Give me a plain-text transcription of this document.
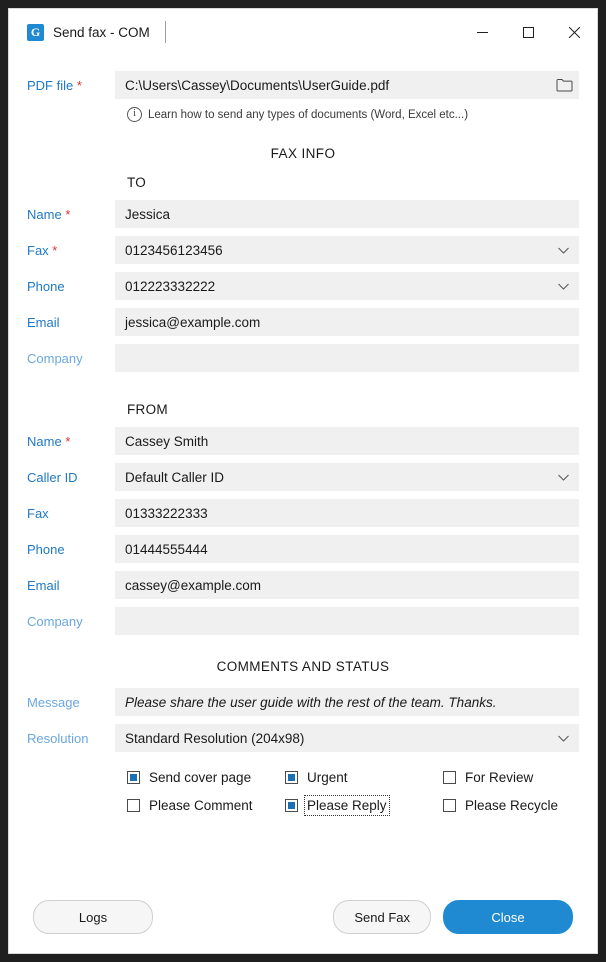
G Send fax - COM
PDF file *	C:\Users\Cassey\Documents\UserGuide.pdf
i	Learn how to send any types of documents (Word, Excel etc...)
FAX INFO
TO
Name *	Jessica
Fax *	0123456123456
Phone	012223332222
Email	jessica@example.com
Company
FROM
Name *	Cassey Smith
Caller ID	Default Caller ID
Fax	01333222333
Phone	01444555444
Email	cassey@example.com
Company
COMMENTS AND STATUS
Message	Please share the user guide with the rest of the team. Thanks.
Resolution	Standard Resolution (204x98)
Send cover page	Urgent	For Review
Please Comment	Please Reply	Please Recycle
Logs	Send Fax	Close
